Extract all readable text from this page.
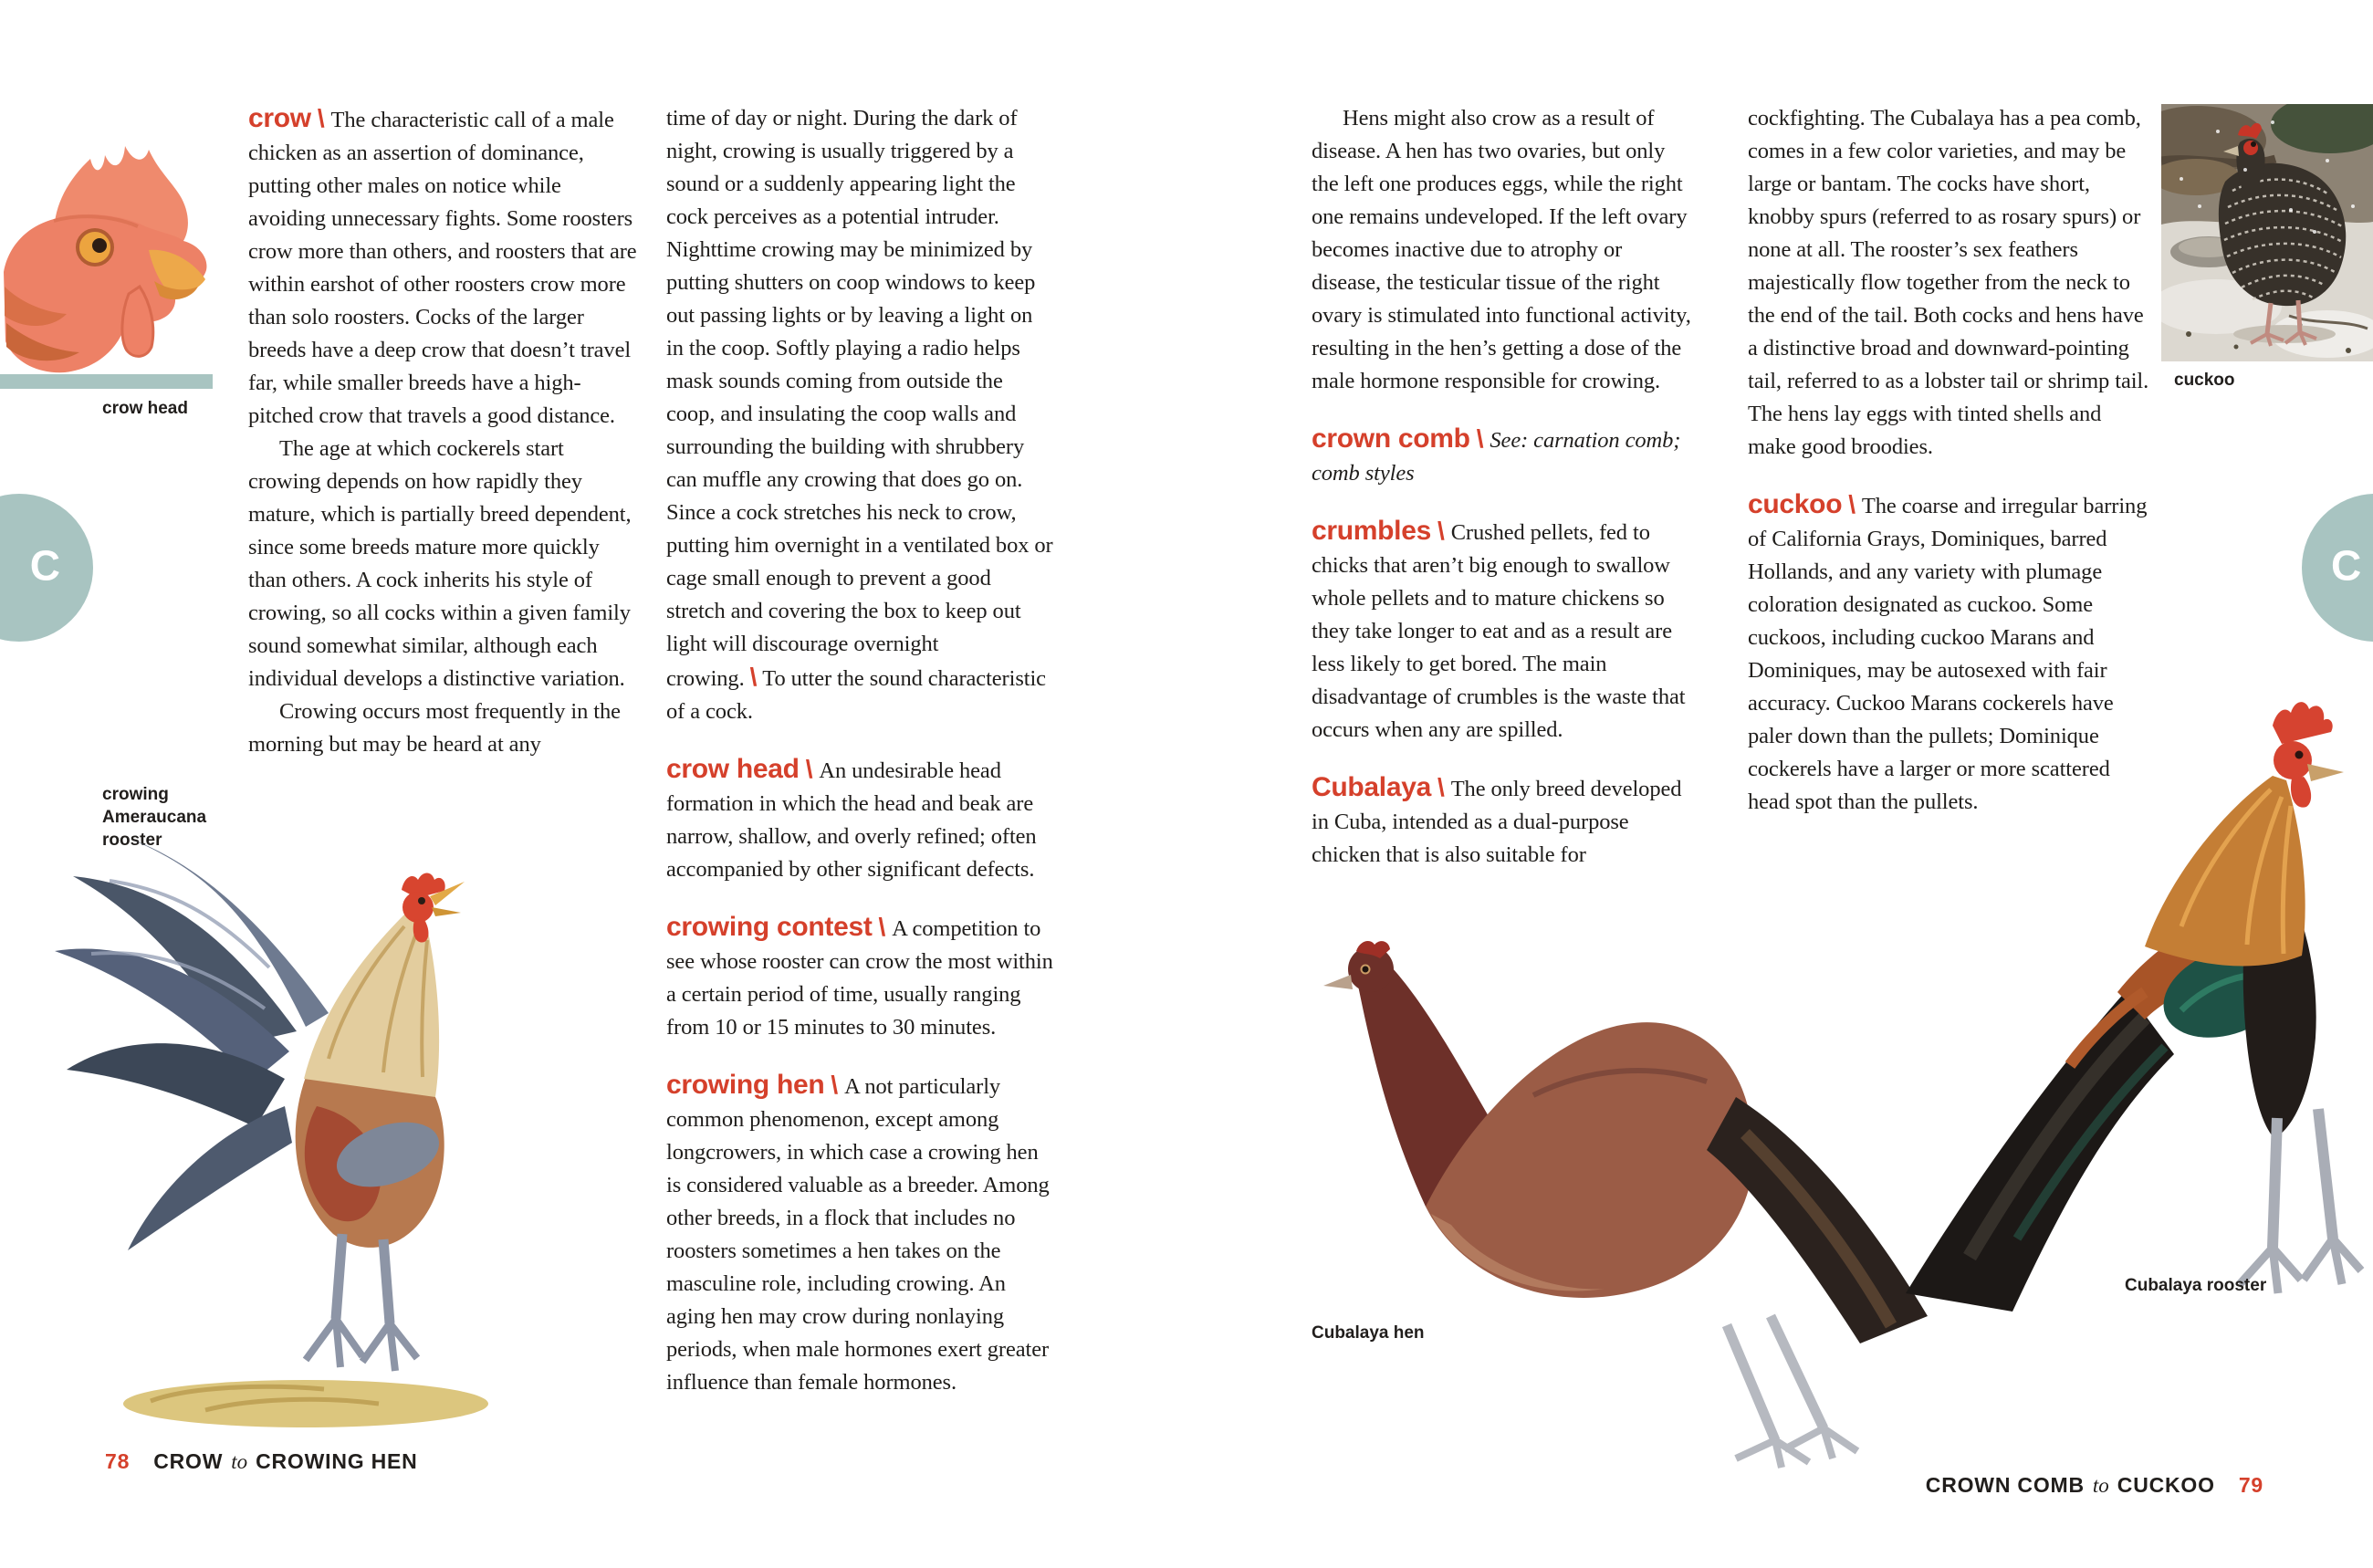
C	C
crow head

crow \ The characteristic call of a male chicken as an assertion of dominance, putting other males on notice while avoiding unnecessary fights. Some roosters crow more than others, and roosters that are within earshot of other roosters crow more than solo roosters. Cocks of the larger breeds have a deep crow that doesn’t travel far, while smaller breeds have a high-pitched crow that travels a good distance.

The age at which cockerels start crowing depends on how rapidly they mature, which is partially breed dependent, since some breeds mature more quickly than others. A cock inherits his style of crowing, so all cocks within a given family sound somewhat similar, although each individual develops a distinctive variation.

Crowing occurs most frequently in the morning but may be heard at any

time of day or night. During the dark of night, crowing is usually triggered by a sound or a suddenly appearing light the cock perceives as a potential intruder. Nighttime crowing may be minimized by putting shutters on coop windows to keep out passing lights or by leaving a light on in the coop. Softly playing a radio helps mask sounds coming from outside the coop, and insulating the coop walls and surrounding the building with shrubbery can muffle any crowing that does go on. Since a cock stretches his neck to crow, putting him overnight in a ventilated box or cage small enough to prevent a good stretch and covering the box to keep out light will discourage overnight crowing. \ To utter the sound characteristic of a cock.

crow head \ An undesirable head formation in which the head and beak are narrow, shallow, and overly refined; often accompanied by other significant defects.

crowing contest \ A competition to see whose rooster can crow the most within a certain period of time, usually ranging from 10 or 15 minutes to 30 minutes.

crowing hen \ A not particularly common phenomenon, except among longcrowers, in which case a crowing hen is considered valuable as a breeder. Among other breeds, in a flock that includes no roosters sometimes a hen takes on the masculine role, including crowing. An aging hen may crow during nonlaying periods, when male hormones exert greater influence than female hormones.

crowing
Ameraucana
rooster
78 CROW to CROWING HEN

Hens might also crow as a result of disease. A hen has two ovaries, but only the left one produces eggs, while the right one remains undeveloped. If the left ovary becomes inactive due to atrophy or disease, the testicular tissue of the right ovary is stimulated into functional activity, resulting in the hen’s getting a dose of the male hormone responsible for crowing.

crown comb \ See: carnation comb; comb styles

crumbles \ Crushed pellets, fed to chicks that aren’t big enough to swallow whole pellets and to mature chickens so they take longer to eat and as a result are less likely to get bored. The main disadvantage of crumbles is the waste that occurs when any are spilled.

Cubalaya \ The only breed developed in Cuba, intended as a dual-purpose chicken that is also suitable for

cockfighting. The Cubalaya has a pea comb, comes in a few color varieties, and may be large or bantam. The cocks have short, knobby spurs (referred to as rosary spurs) or none at all. The rooster’s sex feathers majestically flow together from the neck to the end of the tail. Both cocks and hens have a distinctive broad and downward-pointing tail, referred to as a lobster tail or shrimp tail. The hens lay eggs with tinted shells and make good broodies.

cuckoo \ The coarse and irregular barring of California Grays, Dominiques, barred Hollands, and any variety with plumage coloration designated as cuckoo. Some cuckoos, including cuckoo Marans and Dominiques, may be autosexed with fair accuracy. Cuckoo Marans cockerels have paler down than the pullets; Dominique cockerels have a larger or more scattered head spot than the pullets.

cuckoo
Cubalaya hen
Cubalaya rooster
CROWN COMB to CUCKOO 79
